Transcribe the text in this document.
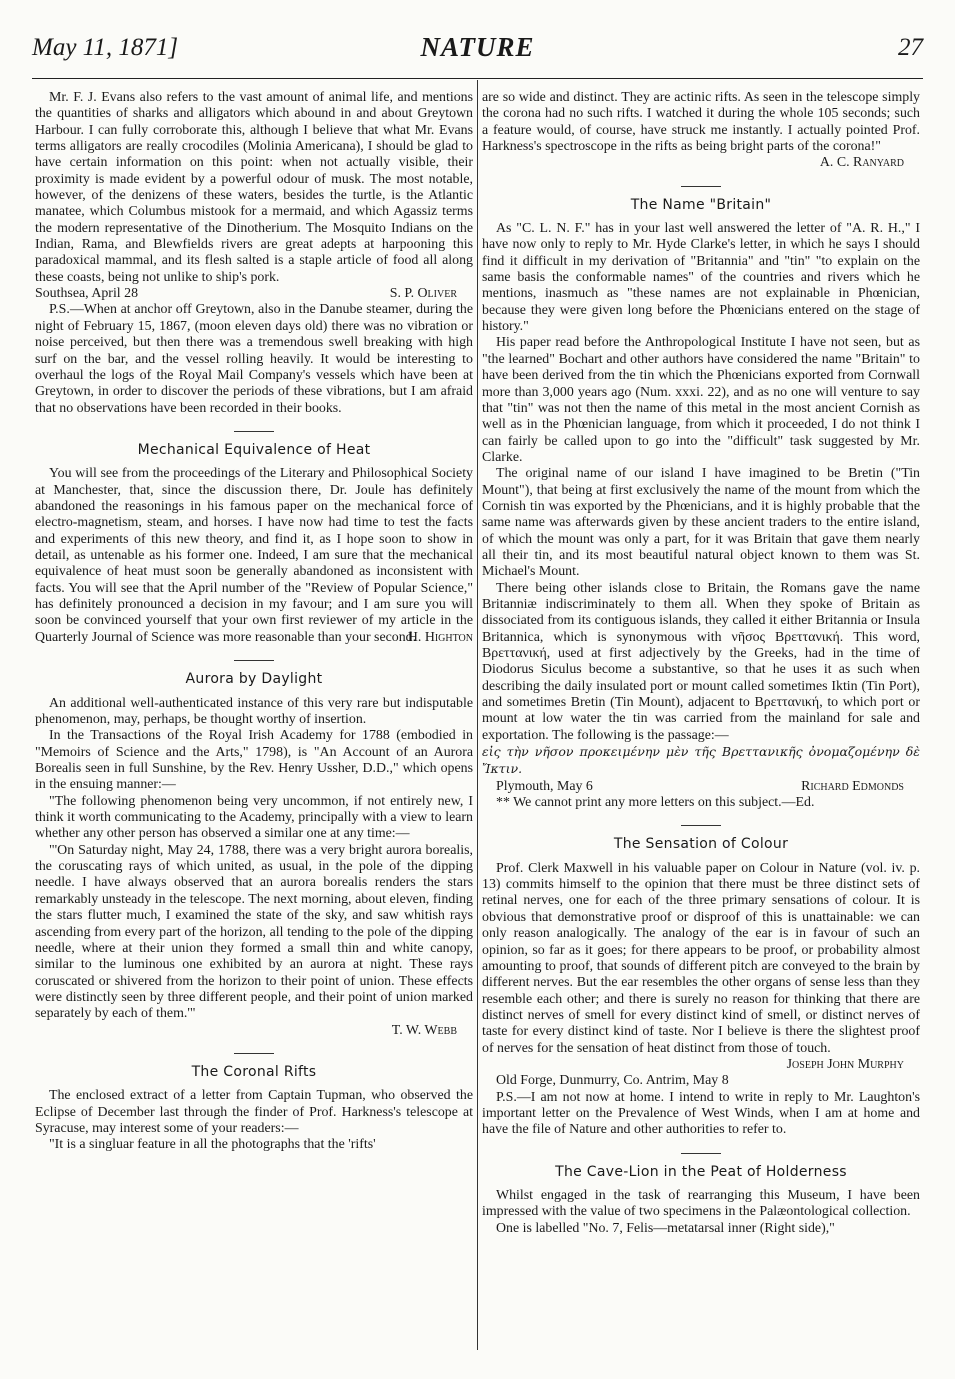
May 11, 1871]	NATURE	27

Mr. F. J. Evans also refers to the vast amount of animal life, and mentions the quantities of sharks and alligators which abound in and about Greytown Harbour. I can fully corroborate this, although I believe that what Mr. Evans terms alligators are really crocodiles (Molinia Americana), I should be glad to have certain information on this point: when not actually visible, their proximity is made evident by a powerful odour of musk. The most notable, however, of the denizens of these waters, besides the turtle, is the Atlantic manatee, which Columbus mistook for a mermaid, and which Agassiz terms the modern representative of the Dinotherium. The Mosquito Indians on the Indian, Rama, and Blewfields rivers are great adepts at harpooning this paradoxical mammal, and its flesh salted is a staple article of food all along these coasts, being not unlike to ship's pork.

Southsea, April 28	S. P. Oliver

P.S.—When at anchor off Greytown, also in the Danube steamer, during the night of February 15, 1867, (moon eleven days old) there was no vibration or noise perceived, but then there was a tremendous swell breaking with high surf on the bar, and the vessel rolling heavily. It would be interesting to overhaul the logs of the Royal Mail Company's vessels which have been at Greytown, in order to discover the periods of these vibrations, but I am afraid that no observations have been recorded in their books.

Mechanical Equivalence of Heat

You will see from the proceedings of the Literary and Philosophical Society at Manchester, that, since the discussion there, Dr. Joule has definitely abandoned the reasonings in his famous paper on the mechanical force of electro-magnetism, steam, and horses. I have now had time to test the facts and experiments of this new theory, and find it, as I hope soon to show in detail, as untenable as his former one. Indeed, I am sure that the mechanical equivalence of heat must soon be generally abandoned as inconsistent with facts. You will see that the April number of the "Review of Popular Science," has definitely pronounced a decision in my favour; and I am sure you will soon be convinced yourself that your own first reviewer of my article in the Quarterly Journal of Science was more reasonable than your second.

H. Highton
Aurora by Daylight

An additional well-authenticated instance of this very rare but indisputable phenomenon, may, perhaps, be thought worthy of insertion.

In the Transactions of the Royal Irish Academy for 1788 (embodied in "Memoirs of Science and the Arts," 1798), is "An Account of an Aurora Borealis seen in full Sunshine, by the Rev. Henry Ussher, D.D.," which opens in the ensuing manner:—

"The following phenomenon being very uncommon, if not entirely new, I think it worth communicating to the Academy, principally with a view to learn whether any other person has observed a similar one at any time:—

"'On Saturday night, May 24, 1788, there was a very bright aurora borealis, the coruscating rays of which united, as usual, in the pole of the dipping needle. I have always observed that an aurora borealis renders the stars remarkably unsteady in the telescope. The next morning, about eleven, finding the stars flutter much, I examined the state of the sky, and saw whitish rays ascending from every part of the horizon, all tending to the pole of the dipping needle, where at their union they formed a small thin and white canopy, similar to the luminous one exhibited by an aurora at night. These rays coruscated or shivered from the horizon to their point of union. These effects were distinctly seen by three different people, and their point of union marked separately by each of them.'"

T. W. Webb
The Coronal Rifts

The enclosed extract of a letter from Captain Tupman, who observed the Eclipse of December last through the finder of Prof. Harkness's telescope at Syracuse, may interest some of your readers:—

"It is a singluar feature in all the photographs that the 'rifts'

are so wide and distinct. They are actinic rifts. As seen in the telescope simply the corona had no such rifts. I watched it during the whole 105 seconds; such a feature would, of course, have struck me instantly. I actually pointed Prof. Harkness's spectroscope in the rifts as being bright parts of the corona!"

A. C. Ranyard
The Name "Britain"

As "C. L. N. F." has in your last well answered the letter of "A. R. H.," I have now only to reply to Mr. Hyde Clarke's letter, in which he says I should find it difficult in my derivation of "Britannia" and "tin" "to explain on the same basis the conformable names" of the countries and rivers which he mentions, inasmuch as "these names are not explainable in Phœnician, because they were given long before the Phœnicians entered on the stage of history."

His paper read before the Anthropological Institute I have not seen, but as "the learned" Bochart and other authors have considered the name "Britain" to have been derived from the tin which the Phœnicians exported from Cornwall more than 3,000 years ago (Num. xxxi. 22), and as no one will venture to say that "tin" was not then the name of this metal in the most ancient Cornish as well as in the Phœnician language, from which it proceeded, I do not think I can fairly be called upon to go into the "difficult" task suggested by Mr. Clarke.

The original name of our island I have imagined to be Bretin ("Tin Mount"), that being at first exclusively the name of the mount from which the Cornish tin was exported by the Phœnicians, and it is highly probable that the same name was afterwards given by these ancient traders to the entire island, of which the mount was only a part, for it was Britain that gave them nearly all their tin, and its most beautiful natural object known to them was St. Michael's Mount.

There being other islands close to Britain, the Romans gave the name Britanniæ indiscriminately to them all. When they spoke of Britain as dissociated from its contiguous islands, they called it either Britannia or Insula Britannica, which is synonymous with νῆσος Βρεττανική. This word, Βρεττανική, used at first adjectively by the Greeks, had in the time of Diodorus Siculus become a substantive, so that he uses it as such when describing the daily insulated port or mount called sometimes Iktin (Tin Port), and sometimes Bretin (Tin Mount), adjacent to Βρεττανική, to which port or mount at low water the tin was carried from the mainland for sale and exportation. The following is the passage:—

εἰς τὴν νῆσον προκειμένην μὲν τῆς Βρεττανικῆς ὀνομαζομένην δὲ Ἴκτιν.

Plymouth, May 6	Richard Edmonds

** We cannot print any more letters on this subject.—Ed.

The Sensation of Colour

Prof. Clerk Maxwell in his valuable paper on Colour in Nature (vol. iv. p. 13) commits himself to the opinion that there must be three distinct sets of retinal nerves, one for each of the three primary sensations of colour. It is obvious that demonstrative proof or disproof of this is unattainable: we can only reason analogically. The analogy of the ear is in favour of such an opinion, so far as it goes; for there appears to be proof, or probability almost amounting to proof, that sounds of different pitch are conveyed to the brain by different nerves. But the ear resembles the other organs of sense less than they resemble each other; and there is surely no reason for thinking that there are distinct nerves of smell for every distinct kind of smell, or distinct nerves of taste for every distinct kind of taste. Nor I believe is there the slightest proof of nerves for the sensation of heat distinct from those of touch.

Joseph John Murphy

Old Forge, Dunmurry, Co. Antrim, May 8

P.S.—I am not now at home. I intend to write in reply to Mr. Laughton's important letter on the Prevalence of West Winds, when I am at home and have the file of Nature and other authorities to refer to.

The Cave-Lion in the Peat of Holderness

Whilst engaged in the task of rearranging this Museum, I have been impressed with the value of two specimens in the Palæontological collection.

One is labelled "No. 7, Felis—metatarsal inner (Right side),"
